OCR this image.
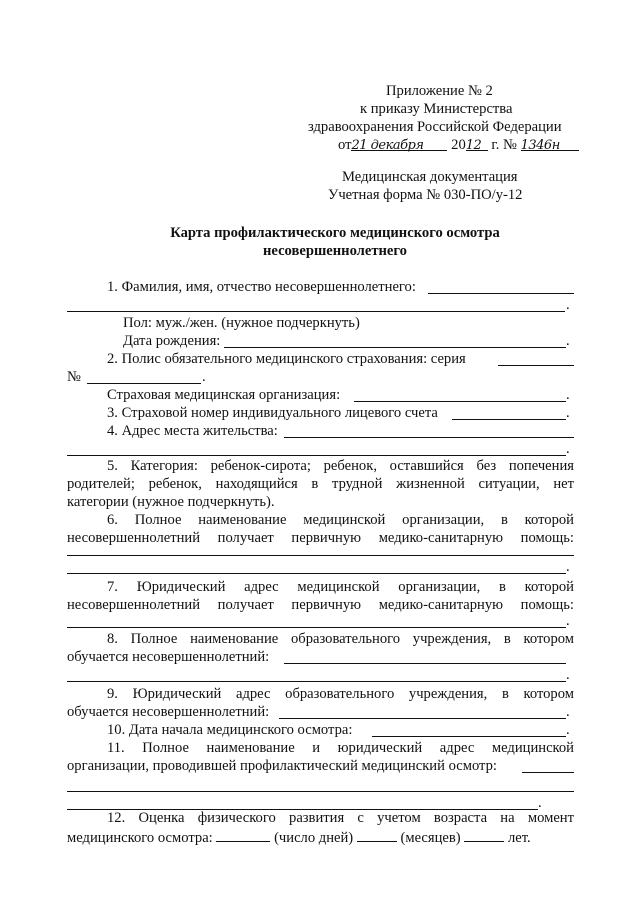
Приложение № 2
к приказу Министерства
здравоохранения Российской Федерации
от21 декабря 2012 г. № 1346н
Медицинская документация
Учетная форма № 030-ПО/у-12
Карта профилактического медицинского осмотра
несовершеннолетнего
1. Фамилия, имя, отчество несовершеннолетнего:
.
Пол: муж./жен. (нужное подчеркнуть)
Дата рождения:	.
2. Полис обязательного медицинского страхования: серия
№	.
Страховая медицинская организация:	.
3. Страховой номер индивидуального лицевого счета	.
4. Адрес места жительства:
.
5. Категория: ребенок-сирота; ребенок, оставшийся без попечения
родителей; ребенок, находящийся в трудной жизненной ситуации, нет
категории (нужное подчеркнуть).
6. Полное наименование медицинской организации, в которой
несовершеннолетний получает первичную медико-санитарную помощь:
.
7. Юридический адрес медицинской организации, в которой
несовершеннолетний получает первичную медико-санитарную помощь:
.
8. Полное наименование образовательного учреждения, в котором
обучается несовершеннолетний:
.
9. Юридический адрес образовательного учреждения, в котором
обучается несовершеннолетний:	.
10. Дата начала медицинского осмотра:	.
11. Полное наименование и юридический адрес медицинской
организации, проводившей профилактический медицинский осмотр:
.
12. Оценка физического развития с учетом возраста на момент
медицинского осмотра:	(число дней)	(месяцев)	лет.
